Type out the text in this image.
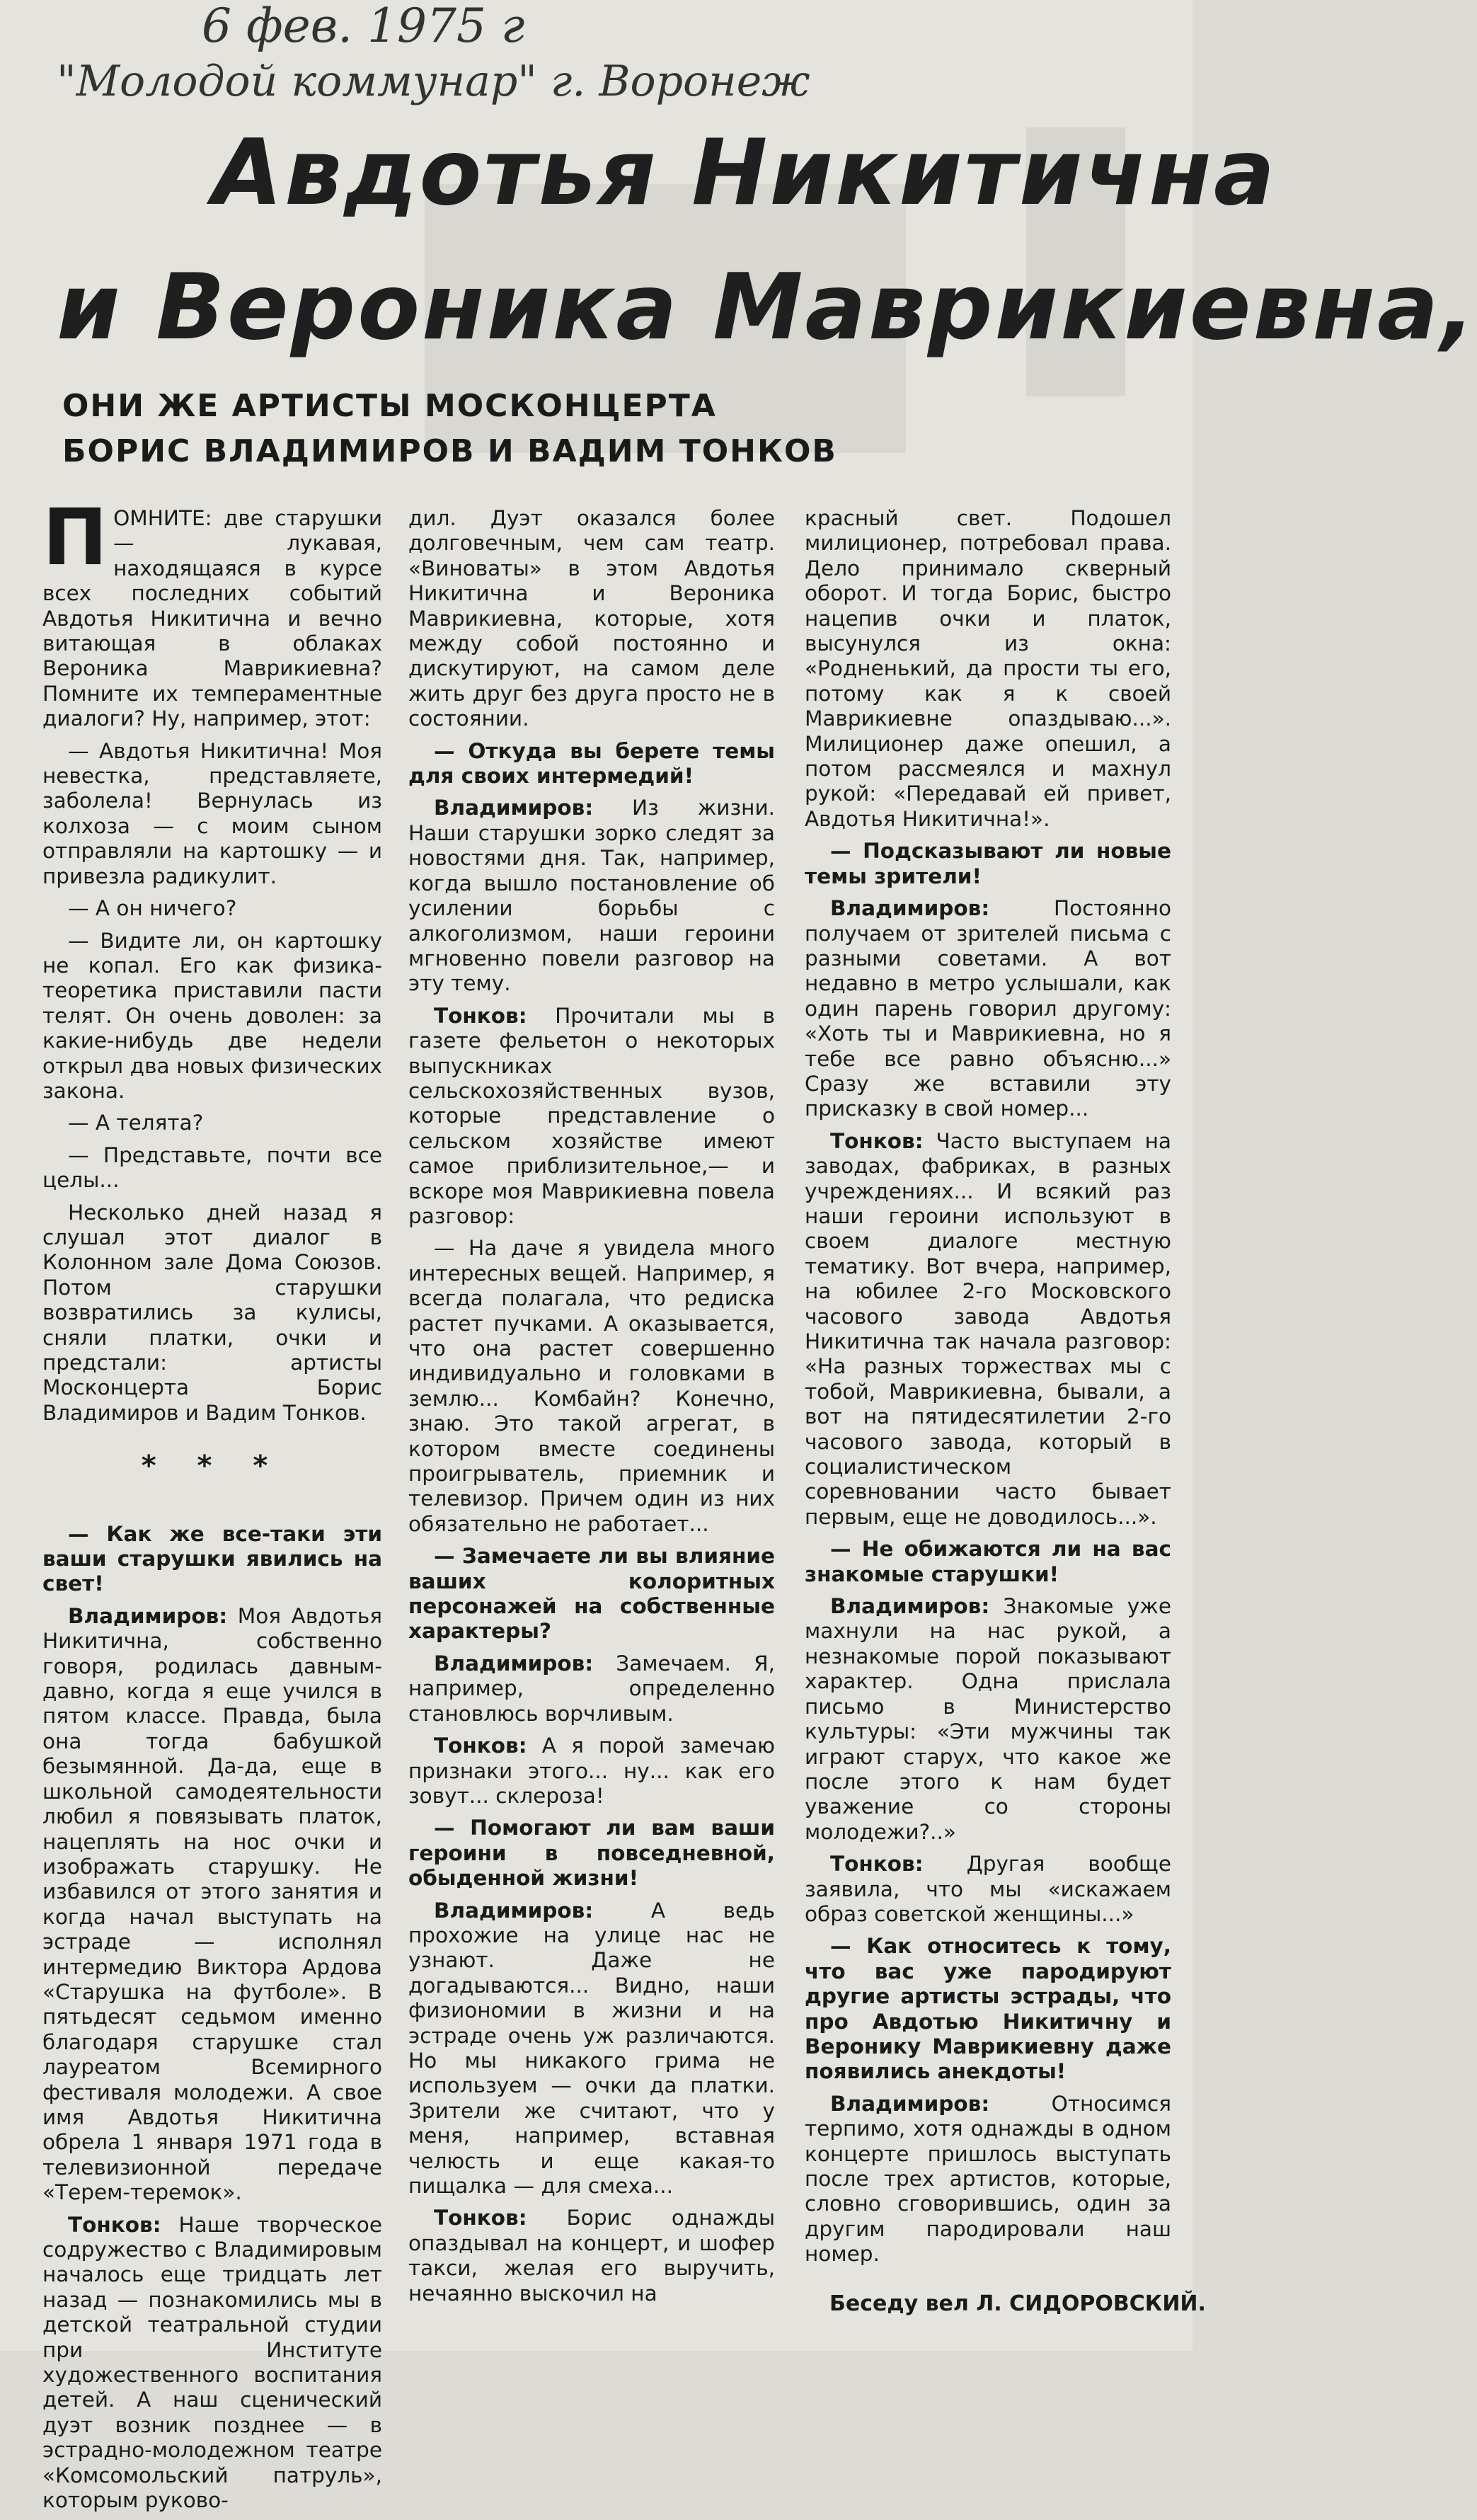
6 фев. 1975 г
"Молодой коммунар" г. Воронеж
Авдотья Никитична
и Вероника Маврикиевна,
ОНИ ЖЕ АРТИСТЫ МОСКОНЦЕРТА
БОРИС ВЛАДИМИРОВ И ВАДИМ ТОНКОВ

ПОМНИТЕ: две старушки — лукавая, находящаяся в курсе всех последних событий Авдотья Никитична и вечно витающая в облаках Вероника Маврикиевна? Помните их темпераментные диалоги? Ну, например, этот:

— Авдотья Никитична! Моя невестка, представляете, заболела! Вернулась из колхоза — с моим сыном отправляли на картошку — и привезла радикулит.

— А он ничего?

— Видите ли, он картошку не копал. Его как физика-теоретика приставили пасти телят. Он очень доволен: за какие-нибудь две недели открыл два новых физических закона.

— А телята?

— Представьте, почти все целы...

Несколько дней назад я слушал этот диалог в Колонном зале Дома Союзов. Потом старушки возвратились за кулисы, сняли платки, очки и предстали: артисты Москонцерта Борис Владимиров и Вадим Тонков.

* * *

— Как же все-таки эти ваши старушки явились на свет!

Владимиров: Моя Авдотья Никитична, собственно говоря, родилась давным-давно, когда я еще учился в пятом классе. Правда, была она тогда бабушкой безымянной. Да-да, еще в школьной самодеятельности любил я повязывать платок, нацеплять на нос очки и изображать старушку. Не избавился от этого занятия и когда начал выступать на эстраде — исполнял интермедию Виктора Ардова «Старушка на футболе». В пятьдесят седьмом именно благодаря старушке стал лауреатом Всемирного фестиваля молодежи. А свое имя Авдотья Никитична обрела 1 января 1971 года в телевизионной передаче «Терем-теремок».

Тонков: Наше творческое содружество с Владимировым началось еще тридцать лет назад — познакомились мы в детской театральной студии при Институте художественного воспитания детей. А наш сценический дуэт возник позднее — в эстрадно-молодежном театре «Комсомольский патруль», которым руково-

дил. Дуэт оказался более долговечным, чем сам театр. «Виноваты» в этом Авдотья Никитична и Вероника Маврикиевна, которые, хотя между собой постоянно и дискутируют, на самом деле жить друг без друга просто не в состоянии.

— Откуда вы берете темы для своих интермедий!

Владимиров: Из жизни. Наши старушки зорко следят за новостями дня. Так, например, когда вышло постановление об усилении борьбы с алкоголизмом, наши героини мгновенно повели разговор на эту тему.

Тонков: Прочитали мы в газете фельетон о некоторых выпускниках сельскохозяйственных вузов, которые представление о сельском хозяйстве имеют самое приблизительное,— и вскоре моя Маврикиевна повела разговор:

— На даче я увидела много интересных вещей. Например, я всегда полагала, что редиска растет пучками. А оказывается, что она растет совершенно индивидуально и головками в землю... Комбайн? Конечно, знаю. Это такой агрегат, в котором вместе соединены проигрыватель, приемник и телевизор. Причем один из них обязательно не работает...

— Замечаете ли вы влияние ваших колоритных персонажей на собственные характеры?

Владимиров: Замечаем. Я, например, определенно становлюсь ворчливым.

Тонков: А я порой замечаю признаки этого... ну... как его зовут... склероза!

— Помогают ли вам ваши героини в повседневной, обыденной жизни!

Владимиров:	А ведь прохожие на улице нас не узнают. Даже не догадываются... Видно, наши физиономии в жизни и на эстраде очень уж различаются. Но мы никакого грима не используем — очки да платки. Зрители же считают, что у меня, например, вставная челюсть и еще какая-то пищалка — для смеха...

Тонков: Борис однажды опаздывал на концерт, и шофер такси, желая его выручить, нечаянно выскочил на

красный свет. Подошел милиционер, потребовал права. Дело принимало скверный оборот. И тогда Борис, быстро нацепив очки и платок, высунулся из окна: «Родненький, да прости ты его, потому как я к своей Маврикиевне опаздываю...». Милиционер даже опешил, а потом рассмеялся и махнул рукой: «Передавай ей привет, Авдотья Никитична!».

— Подсказывают ли новые темы зрители!

Владимиров:	Постоянно получаем от зрителей письма с разными советами. А вот недавно в метро услышали, как один парень говорил другому: «Хоть ты и Маврикиевна, но я тебе все равно объясню...» Сразу же вставили эту присказку в свой номер...

Тонков: Часто выступаем на заводах, фабриках, в разных учреждениях... И всякий раз наши героини используют в своем диалоге местную тематику. Вот вчера, например, на юбилее 2-го Московского часового завода Авдотья Никитична так начала разговор: «На разных торжествах мы с тобой, Маврикиевна, бывали, а вот на пятидесятилетии 2-го часового завода, который в социалистическом соревновании часто бывает первым, еще не доводилось...».

— Не обижаются ли на вас знакомые старушки!

Владимиров: Знакомые уже махнули на нас рукой, а незнакомые порой показывают характер. Одна прислала письмо в Министерство культуры: «Эти мужчины так играют старух, что какое же после этого к нам будет уважение со стороны молодежи?..»

Тонков: Другая вообще заявила, что мы «искажаем образ советской женщины...»

— Как относитесь к тому, что вас уже пародируют другие артисты эстрады, что про Авдотью Никитичну и Веронику Маврикиевну даже появились анекдоты!

Владимиров:	Относимся терпимо, хотя однажды в одном концерте пришлось выступать после трех артистов, которые, словно сговорившись, один за другим пародировали наш номер.

Беседу вел Л. СИДОРОВСКИЙ.
